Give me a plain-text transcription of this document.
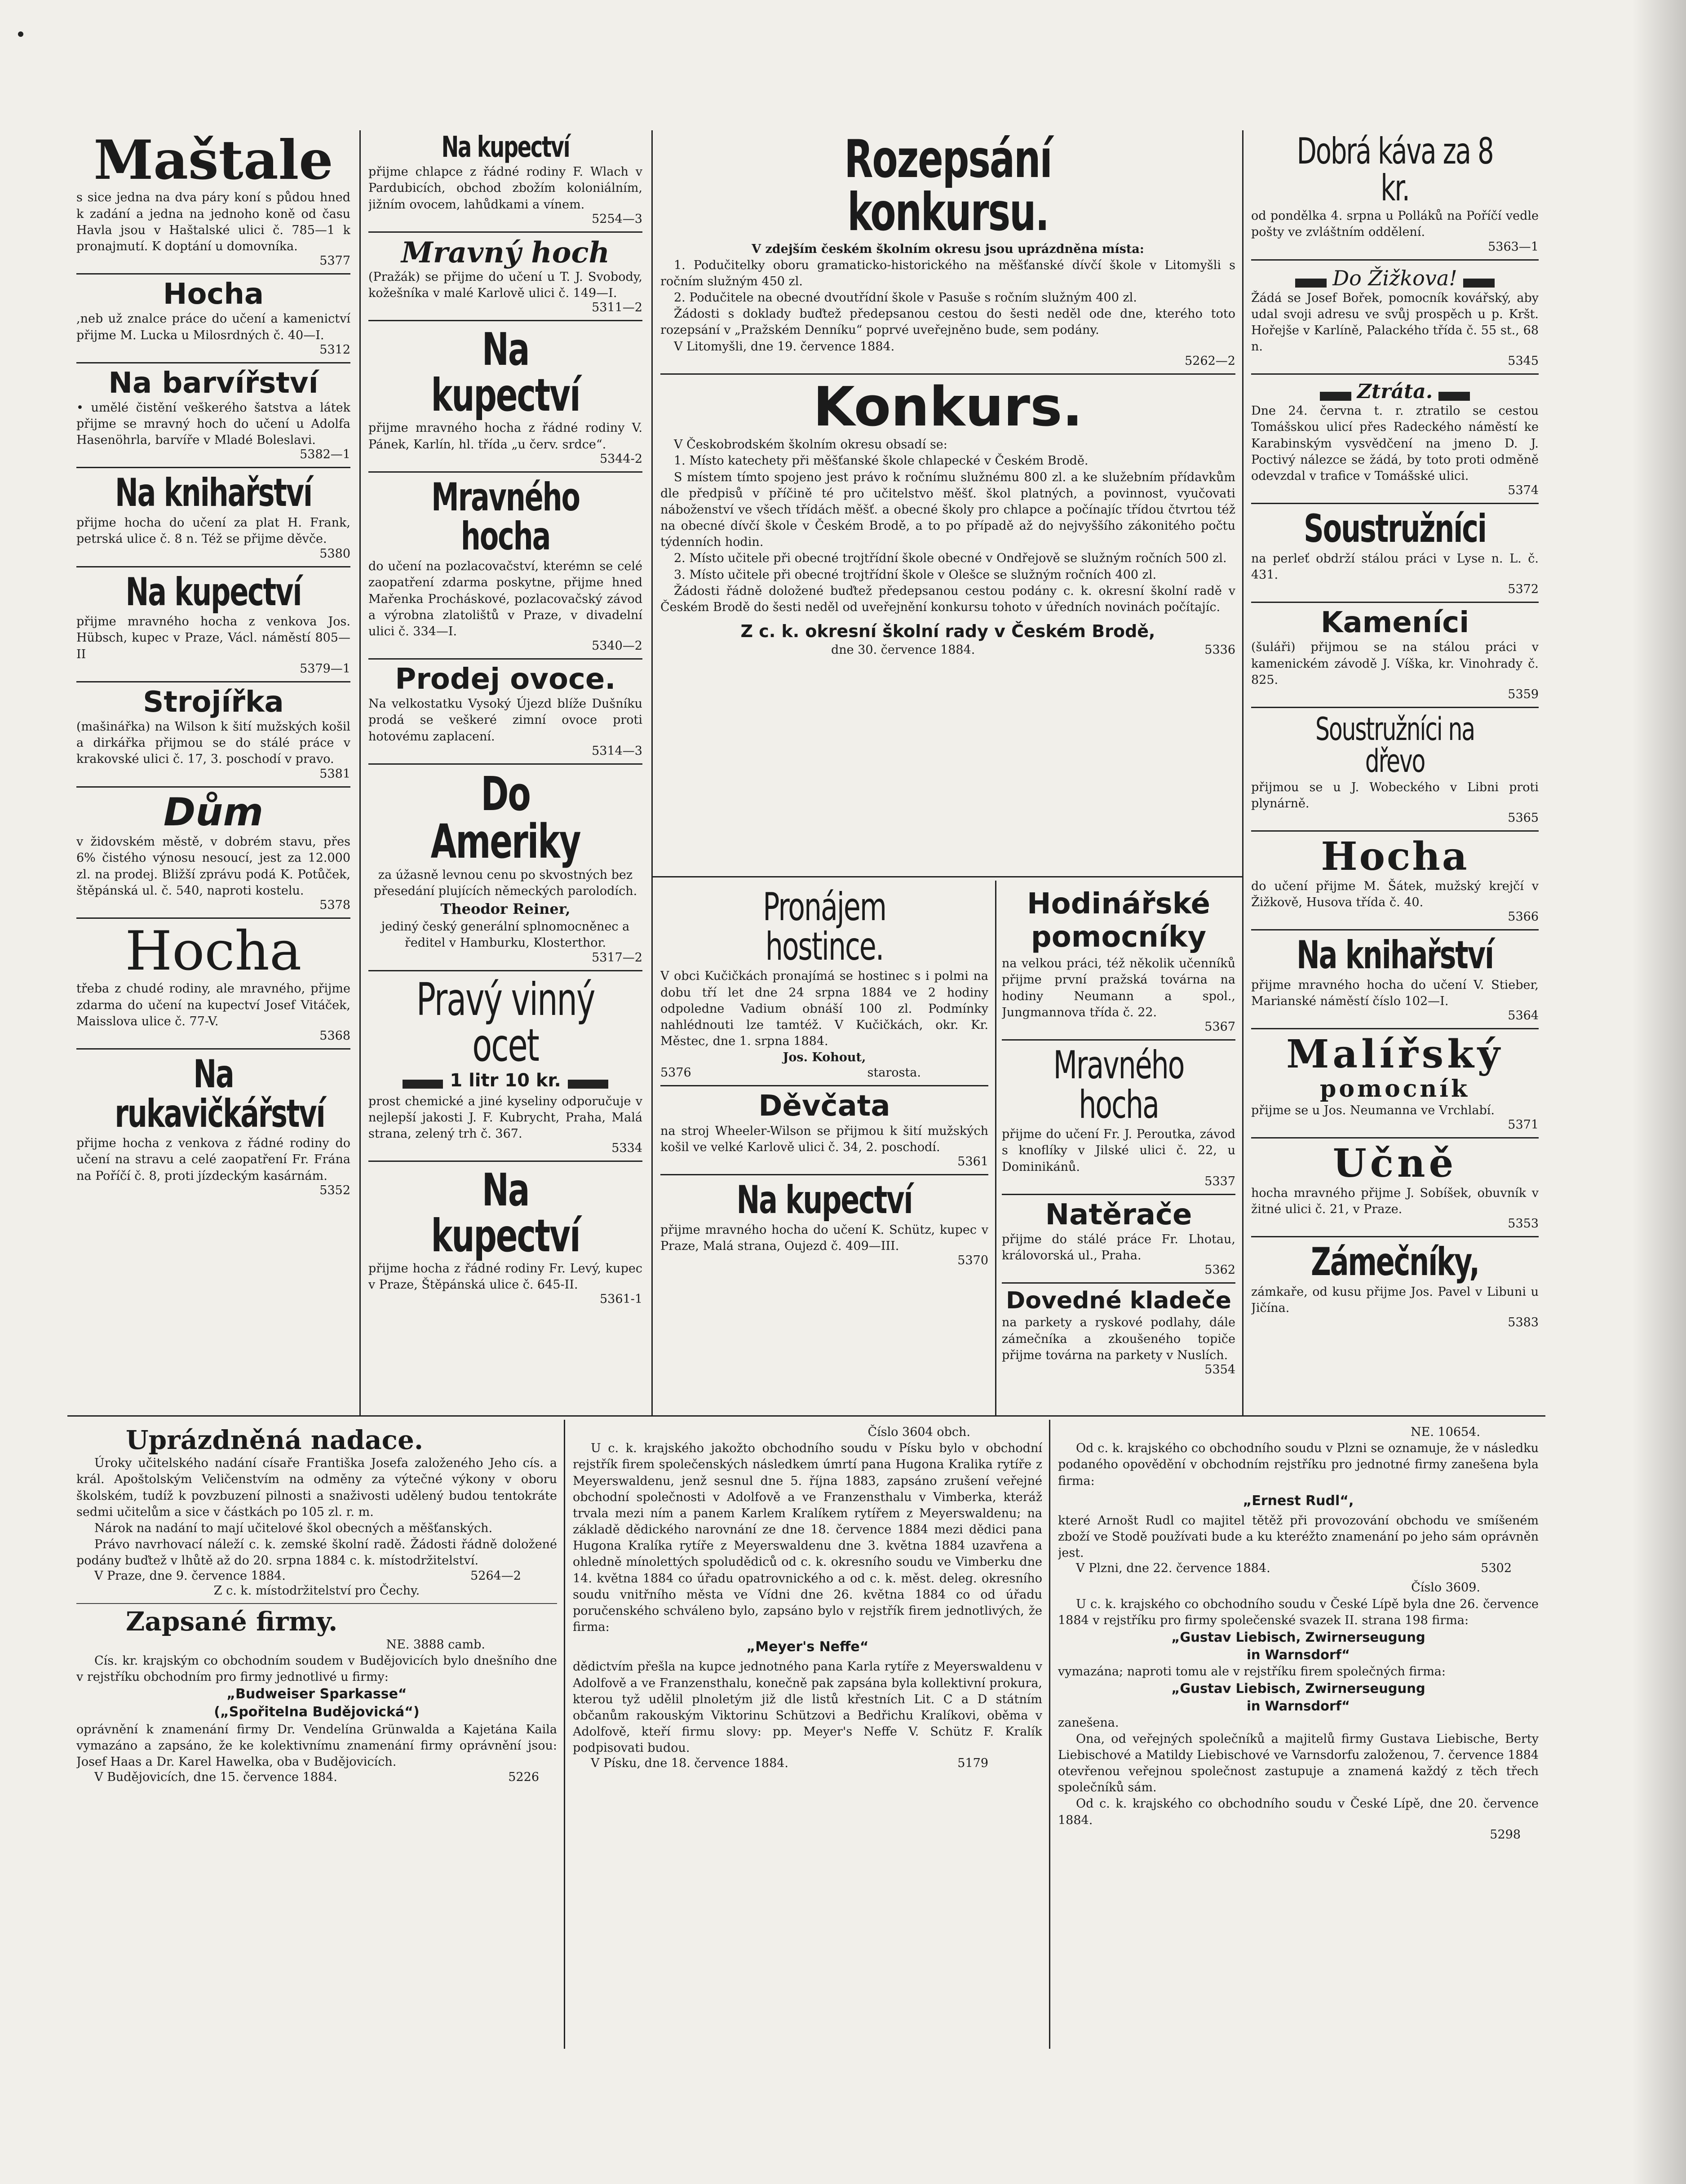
Maštale
s sice jedna na dva páry koní s půdou hned k zadání a jedna na jednoho koně od času Havla jsou v Haštalské ulici č. 785—1 k pronajmutí. K doptání u domovníka.
5377
Hocha
,neb už znalce práce do učení a kamenictví přijme M. Lucka u Milosrdných č. 40—I.
5312
Na barvířství
• umělé čistění veškerého šatstva a látek přijme se mravný hoch do učení u Adolfa Hasenöhrla, barvíře v Mladé Boleslavi.
5382—1
Na knihařství
přijme hocha do učení za plat H. Frank, petrská ulice č. 8 n. Též se přijme děvče.
5380
Na kupectví
přijme mravného hocha z venkova Jos. Hübsch, kupec v Praze, Václ. náměstí 805—II
5379—1
Strojířka
(mašinářka) na Wilson k šití mužských košil a dirkářka přijmou se do stálé práce v krakovské ulici č. 17, 3. poschodí v pravo.
5381
Dům
v židovském městě, v dobrém stavu, přes 6% čistého výnosu nesoucí, jest za 12.000 zl. na prodej. Bližší zprávu podá K. Potůček, štěpánská ul. č. 540, naproti kostelu.
5378
Hocha
třeba z chudé rodiny, ale mravného, přijme zdarma do učení na kupectví Josef Vitáček, Maisslova ulice č. 77-V.
5368
Na rukavičkářství
přijme hocha z venkova z řádné rodiny do učení na stravu a celé zaopatření Fr. Frána na Poříčí č. 8, proti jízdeckým kasárnám.
5352
Na kupectví
přijme chlapce z řádné rodiny F. Wlach v Pardubicích, obchod zbožím koloniálním, jižním ovocem, lahůdkami a vínem.
5254—3
Mravný hoch
(Pražák) se přijme do učení u T. J. Svobody, kožešníka v malé Karlově ulici č. 149—I.
5311—2
Na kupectví
přijme mravného hocha z řádné rodiny V. Pánek, Karlín, hl. třída „u červ. srdce“.
5344-2
Mravného hocha
do učení na pozlacovačství, kterémn se celé zaopatření zdarma poskytne, přijme hned Mařenka Procháskové, pozlacovačský závod a výrobna zlatolištů v Praze, v divadelní ulici č. 334—I.
5340—2
Prodej ovoce.
Na velkostatku Vysoký Újezd blíže Dušníku prodá se veškeré zimní ovoce proti hotovému zaplacení.
5314—3
Do Ameriky
za úžasně levnou cenu po skvostných bez přesedání plujících německých parolodích.
Theodor Reiner,
jediný český generální splnomocněnec a ředitel v Hamburku, Klosterthor.
5317—2
Pravý vinný ocet
1 litr 10 kr.
prost chemické a jiné kyseliny odporučuje v nejlepší jakosti J. F. Kubrycht, Praha, Malá strana, zelený trh č. 367.
5334
Na kupectví
přijme hocha z řádné rodiny Fr. Levý, kupec v Praze, Štěpánská ulice č. 645-II.
5361-1
Rozepsání konkursu.
V zdejším českém školním okresu jsou uprázdněna místa:
1. Podučitelky oboru gramaticko-historického na měšťanské dívčí škole v Litomyšli s ročním služným 450 zl.
2. Podučitele na obecné dvoutřídní škole v Pasuše s ročním služným 400 zl.
Žádosti s doklady buďtež předepsanou cestou do šesti neděl ode dne, kterého toto rozepsání v „Pražském Denníku“ poprvé uveřejněno bude, sem podány.
V Litomyšli, dne 19. července 1884.
5262—2
Konkurs.
V Českobrodském školním okresu obsadí se:
1. Místo katechety při měšťanské škole chlapecké v Českém Brodě.
S místem tímto spojeno jest právo k ročnímu služnému 800 zl. a ke služebním přídavkům dle předpisů v příčině té pro učitelstvo měšť. škol platných, a povinnost, vyučovati náboženství ve všech třídách měšť. a obecné školy pro chlapce a počínajíc třídou čtvrtou též na obecné dívčí škole v Českém Brodě, a to po případě až do nejvyššího zákonitého počtu týdenních hodin.
2. Místo učitele při obecné trojtřídní škole obecné v Ondřejově se služným ročních 500 zl.
3. Místo učitele při obecné trojtřídní škole v Olešce se služným ročních 400 zl.
Žádosti řádně doložené buďtež předepsanou cestou podány c. k. okresní školní radě v Českém Brodě do šesti neděl od uveřejnění konkursu tohoto v úředních novinách počítajíc.
Z c. k. okresní školní rady v Českém Brodě,
dne 30. července 1884.	5336
Pronájem hostince.
V obci Kučičkách pronajímá se hostinec s i polmi na dobu tří let dne 24 srpna 1884 ve 2 hodiny odpoledne Vadium obnáší 100 zl. Podmínky nahlédnouti lze tamtéž. V Kučičkách, okr. Kr. Městec, dne 1. srpna 1884.
Jos. Kohout,
5376	starosta.
Děvčata
na stroj Wheeler-Wilson se přijmou k šití mužských košil ve velké Karlově ulici č. 34, 2. poschodí.
5361
Na kupectví
přijme mravného hocha do učení K. Schütz, kupec v Praze, Malá strana, Oujezd č. 409—III.
5370
Hodinářské pomocníky
na velkou práci, též několik učenníků přijme první pražská továrna na hodiny Neumann a spol., Jungmannova třída č. 22.
5367
Mravného hocha
přijme do učení Fr. J. Peroutka, závod s knoflíky v Jilské ulici č. 22, u Dominikánů.
5337
Natěrače
přijme do stálé práce Fr. Lhotau, královorská ul., Praha.
5362
Dovedné kladeče
na parkety a ryskové podlahy, dále zámečníka a zkoušeného topiče přijme továrna na parkety v Nuslích.
5354
Dobrá káva za 8 kr.
od pondělka 4. srpna u Polláků na Poříčí vedle pošty ve zvláštním oddělení.
5363—1
Do Žižkova!
Žádá se Josef Bořek, pomocník kovářský, aby udal svoji adresu ve svůj prospěch u p. Kršt. Hořejše v Karlíně, Palackého třída č. 55 st., 68 n.
5345
Ztráta.
Dne 24. června t. r. ztratilo se cestou Tomášskou ulicí přes Radeckého náměstí ke Karabinským vysvědčení na jmeno D. J. Poctivý nálezce se žádá, by toto proti odměně odevzdal v trafice v Tomášské ulici.
5374
Soustružníci
na perleť obdrží stálou práci v Lyse n. L. č. 431.
5372
Kameníci
(šuláři) přijmou se na stálou práci v kamenickém závodě J. Víška, kr. Vinohrady č. 825.
5359
Soustružníci na dřevo
přijmou se u J. Wobeckého v Libni proti plynárně.
5365
Hocha
do učení přijme M. Šátek, mužský krejčí v Žižkově, Husova třída č. 40.
5366
Na knihařství
přijme mravného hocha do učení V. Stieber, Marianské náměstí číslo 102—I.
5364
Malířský
pomocník
přijme se u Jos. Neumanna ve Vrchlabí.
5371
Učně
hocha mravného přijme J. Sobíšek, obuvník v žitné ulici č. 21, v Praze.
5353
Zámečníky,
zámkaře, od kusu přijme Jos. Pavel v Libuni u Jičína.
5383
Uprázdněná nadace.
Úroky učitelského nadání císaře Františka Josefa založeného Jeho cís. a král. Apoštolským Veličenstvím na odměny za výtečné výkony v oboru školském, tudíž k povzbuzení pilnosti a snaživosti udělený budou tentokráte sedmi učitelům a sice v částkách po 105 zl. r. m.
Nárok na nadání to mají učitelové škol obecných a měšťanských.
Právo navrhovací náleží c. k. zemské školní radě. Žádosti řádně doložené podány buďtež v lhůtě až do 20. srpna 1884 c. k. místodržitelství.
V Praze, dne 9. července 1884.	5264—2
Z c. k. místodržitelství pro Čechy.
Zapsané firmy.
NE. 3888 camb.
Cís. kr. krajským co obchodním soudem v Budějovicích bylo dnešního dne v rejstříku obchodním pro firmy jednotlivé u firmy:
„Budweiser Sparkasse“
(„Spořitelna Budějovická“)
oprávnění k znamenání firmy Dr. Vendelína Grünwalda a Kajetána Kaila vymazáno a zapsáno, že ke kolektivnímu znamenání firmy oprávnění jsou: Josef Haas a Dr. Karel Hawelka, oba v Budějovicích.
V Budějovicích, dne 15. července 1884.	5226
Číslo 3604 obch.
U c. k. krajského jakožto obchodního soudu v Písku bylo v obchodní rejstřík firem společenských následkem úmrtí pana Hugona Kralika rytíře z Meyerswaldenu, jenž sesnul dne 5. října 1883, zapsáno zrušení veřejné obchodní společnosti v Adolfově a ve Franzensthalu v Vimberka, kteráž trvala mezi ním a panem Karlem Kralíkem rytířem z Meyerswaldenu; na základě dědického narovnání ze dne 18. července 1884 mezi dědici pana Hugona Kralíka rytíře z Meyerswaldenu dne 3. května 1884 uzavřena a ohledně mínolettých spoludědiců od c. k. okresního soudu ve Vimberku dne 14. května 1884 co úřadu opatrovnického a od c. k. měst. deleg. okresního soudu vnitřního města ve Vídni dne 26. května 1884 co od úřadu poručenského schváleno bylo, zapsáno bylo v rejstřík firem jednotlivých, že firma:
„Meyer's Neffe“
dědictvím přešla na kupce jednotného pana Karla rytíře z Meyerswaldenu v Adolfově a ve Franzensthalu, konečně pak zapsána byla kollektivní prokura, kterou tyž udělil plnoletým již dle listů křestních Lit. C a D státním občanům rakouským Viktorinu Schützovi a Bedřichu Kralíkovi, oběma v Adolfově, kteří firmu slovy: pp. Meyer's Neffe V. Schütz F. Kralík podpisovati budou.
V Písku, dne 18. července 1884.	5179
NE. 10654.
Od c. k. krajského co obchodního soudu v Plzni se oznamuje, že v následku podaného opovědění v obchodním rejstříku pro jednotné firmy zanešena byla firma:
„Ernest Rudl“,
které Arnošt Rudl co majitel tětěž při provozování obchodu ve smíšeném zboží ve Stodě používati bude a ku kteréžto znamenání po jeho sám oprávněn jest.
V Plzni, dne 22. července 1884.	5302
Číslo 3609.
U c. k. krajského co obchodního soudu v České Lípě byla dne 26. července 1884 v rejstříku pro firmy společenské svazek II. strana 198 firma:
„Gustav Liebisch, Zwirnerseugung
in Warnsdorf“
vymazána; naproti tomu ale v rejstříku firem společných firma:
„Gustav Liebisch, Zwirnerseugung
in Warnsdorf“
zanešena.
Ona, od veřejných společníků a majitelů firmy Gustava Liebische, Berty Liebischové a Matildy Liebischové ve Varnsdorfu založenou, 7. července 1884 otevřenou veřejnou společnost zastupuje a znamená každý z těch třech společníků sám.
Od c. k. krajského co obchodního soudu v České Lípě, dne 20. července 1884.
5298
